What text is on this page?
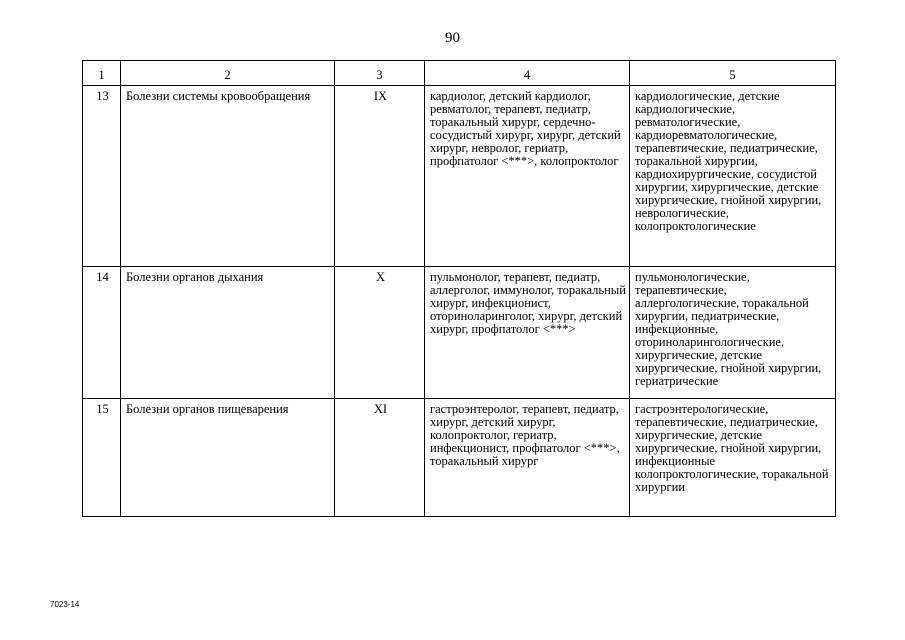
90
1	2	3	4	5
13	Болезни системы кровообращения	IX	кардиолог, детский кардиолог, ревматолог, терапевт, педиатр, торакальный хирург, сердечно-сосудистый хирург, хирург, детский хирург, невролог, гериатр, профпатолог <***>, колопроктолог	кардиологические, детские кардиологические, ревматологические, кардиоревматологические, терапевтические, педиатрические, торакальной хирургии, кардиохирургические, сосудистой хирургии, хирургические, детские хирургические, гнойной хирургии, неврологические, колопроктологические
14	Болезни органов дыхания	X	пульмонолог, терапевт, педиатр, аллерголог, иммунолог, торакальный хирург, инфекционист, оториноларинголог, хирург, детский хирург, профпатолог <***>	пульмонологические, терапевтические, аллергологические, торакальной хирургии, педиатрические, инфекционные, оториноларингологические, хирургические, детские хирургические, гнойной хирургии, гериатрические
15	Болезни органов пищеварения	XI	гастроэнтеролог, терапевт, педиатр, хирург, детский хирург, колопроктолог, гериатр, инфекционист, профпатолог <***>, торакальный хирург	гастроэнтерологические, терапевтические, педиатрические, хирургические, детские хирургические, гнойной хирургии, инфекционные колопроктологические, торакальной хирургии
7023-14
